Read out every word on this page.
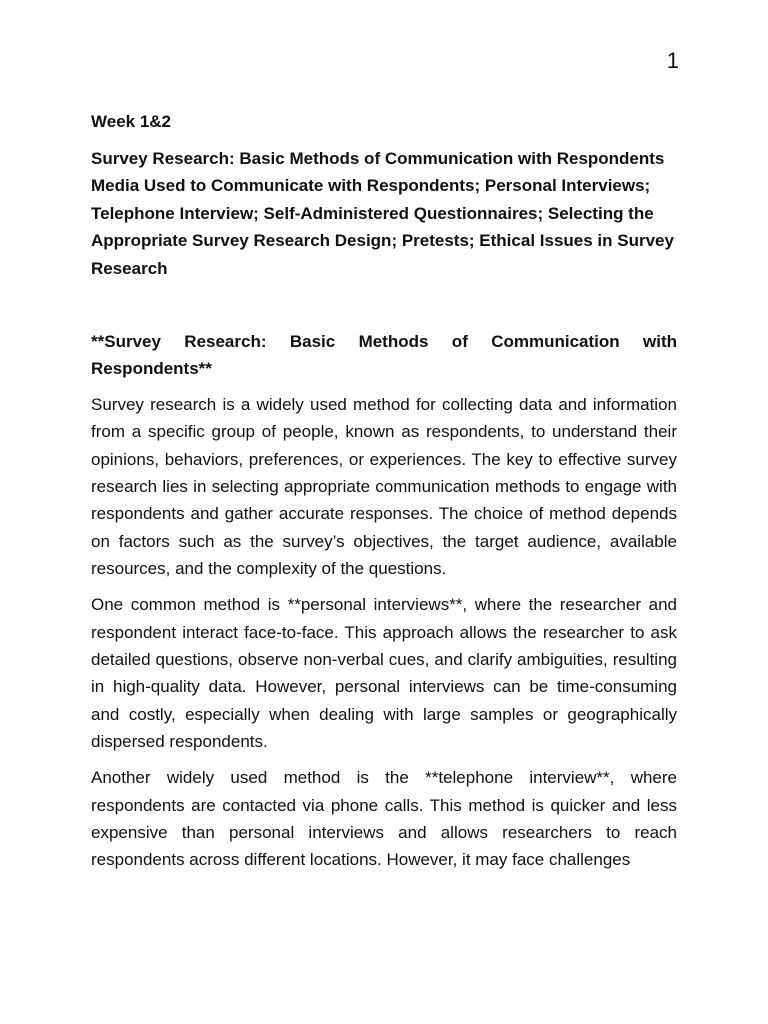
1
Week 1&2
Survey Research: Basic Methods of Communication with Respondents Media Used to Communicate with Respondents; Personal Interviews; Telephone Interview; Self-Administered Questionnaires; Selecting the Appropriate Survey Research Design; Pretests; Ethical Issues in Survey Research
**Survey Research: Basic Methods of Communication with Respondents**

Survey research is a widely used method for collecting data and information from a specific group of people, known as respondents, to understand their opinions, behaviors, preferences, or experiences. The key to effective survey research lies in selecting appropriate communication methods to engage with respondents and gather accurate responses. The choice of method depends on factors such as the survey’s objectives, the target audience, available resources, and the complexity of the questions.

One common method is **personal interviews**, where the researcher and respondent interact face-to-face. This approach allows the researcher to ask detailed questions, observe non-verbal cues, and clarify ambiguities, resulting in high-quality data. However, personal interviews can be time-consuming and costly, especially when dealing with large samples or geographically dispersed respondents.

Another widely used method is the **telephone interview**, where respondents are contacted via phone calls. This method is quicker and less expensive than personal interviews and allows researchers to reach respondents across different locations. However, it may face challenges
